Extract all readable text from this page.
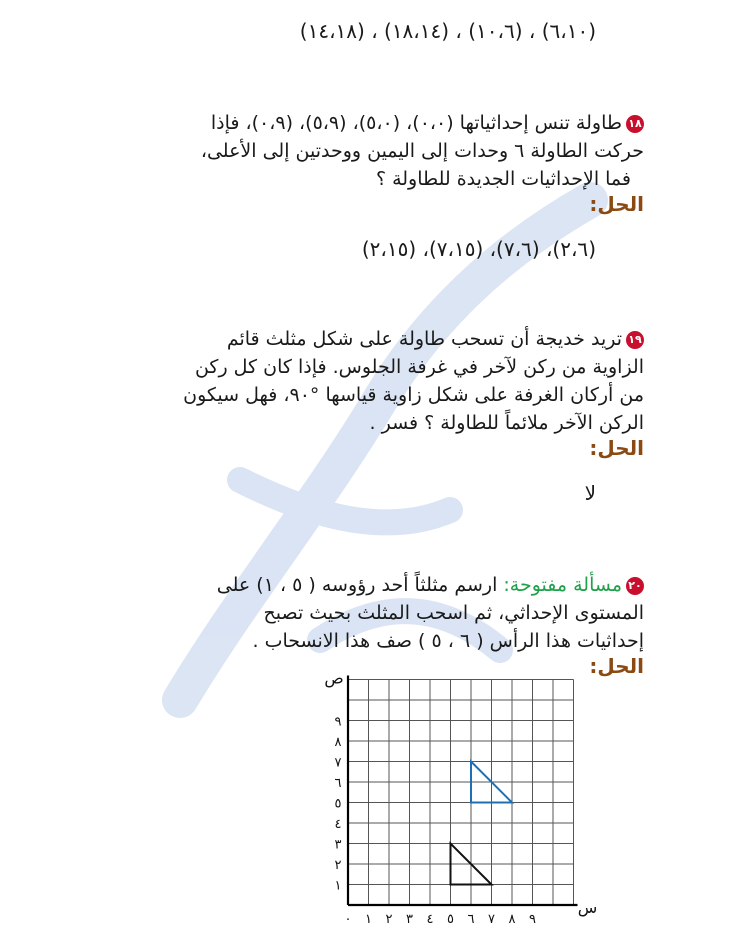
(٦،١٠) ، (١٠،٦) ، (١٨،١٤) ، (١٤،١٨)
١٨طاولة تنس إحداثياتها (٠،٠)، (٥،٠)، (٥،٩)، (٠،٩)، فإذا
حركت الطاولة ٦ وحدات إلى اليمين ووحدتين إلى الأعلى،
فما الإحداثيات الجديدة للطاولة ؟
الحل:
(٢،٦)، (٧،٦)، (٧،١٥)، (٢،١٥)
١٩تريد خديجة أن تسحب طاولة على شكل مثلث قائم
الزاوية من ركن لآخر في غرفة الجلوس. فإذا كان كل ركن
من أركان الغرفة على شكل زاوية قياسها °٩٠، فهل سيكون
الركن الآخر ملائماً للطاولة ؟ فسر .
الحل:
لا
٢٠مسألة مفتوحة: ارسم مثلثاً أحد رؤوسه ( ٥ ، ١) على
المستوى الإحداثي، ثم اسحب المثلث بحيث تصبح
إحداثيات هذا الرأس ( ٦ ، ٥ ) صف هذا الانسحاب .
الحل:
٠ ١ ٢ ٣ ٤ ٥ ٦ ٧ ٨ ٩
١
٢
٣
٤
٥
٦
٧
٨
٩
س
ص
